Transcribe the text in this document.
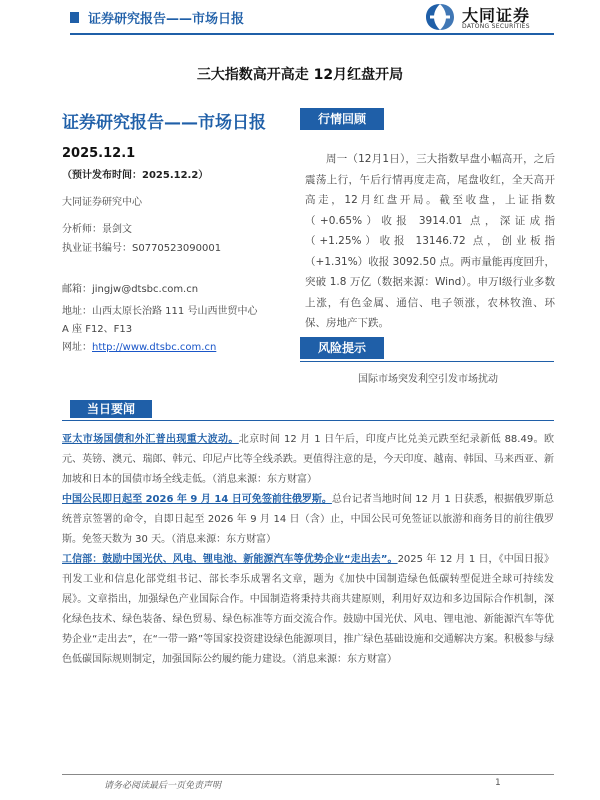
证券研究报告——市场日报	大同证券
DATONG SECURITIES
三大指数高开高走 12月红盘开局
证券研究报告——市场日报
2025.12.1
（预计发布时间：2025.12.2）
大同证券研究中心
分析师：景剑文
执业证书编号：S0770523090001
邮箱：jingjw@dtsbc.com.cn
地址：山西太原长治路 111 号山西世贸中心
A 座 F12、F13
网址：http://www.dtsbc.com.cn
行情回顾
周一（12月1日），三大指数早盘小幅高开，之后震荡上行，午后行情再度走高，尾盘收红，全天高开高走，12月红盘开局。截至收盘，上证指数（+0.65%）收报 3914.01 点，深证成指（+1.25%）收报 13146.72 点，创业板指（+1.31%）收报 3092.50 点。两市量能再度回升，突破 1.8 万亿（数据来源：Wind）。申万Ⅰ级行业多数上涨，有色金属、通信、电子领涨，农林牧渔、环保、房地产下跌。
风险提示
国际市场突发利空引发市场扰动
当日要闻

亚太市场国债和外汇普出现重大波动。北京时间 12 月 1 日午后，印度卢比兑美元跌至纪录新低 88.49。欧元、英镑、澳元、瑞郎、韩元、印尼卢比等全线杀跌。更值得注意的是，今天印度、越南、韩国、马来西亚、新加坡和日本的国债市场全线走低。（消息来源：东方财富）

中国公民即日起至 2026 年 9 月 14 日可免签前往俄罗斯。总台记者当地时间 12 月 1 日获悉，根据俄罗斯总统普京签署的命令，自即日起至 2026 年 9 月 14 日（含）止，中国公民可免签证以旅游和商务目的前往俄罗斯。免签天数为 30 天。（消息来源：东方财富）

工信部：鼓励中国光伏、风电、锂电池、新能源汽车等优势企业“走出去”。2025 年 12 月 1 日，《中国日报》刊发工业和信息化部党组书记、部长李乐成署名文章，题为《加快中国制造绿色低碳转型促进全球可持续发展》。文章指出，加强绿色产业国际合作。中国制造将秉持共商共建原则，利用好双边和多边国际合作机制，深化绿色技术、绿色装备、绿色贸易、绿色标准等方面交流合作。鼓励中国光伏、风电、锂电池、新能源汽车等优势企业“走出去”，在“一带一路”等国家投资建设绿色能源项目，推广绿色基础设施和交通解决方案。积极参与绿色低碳国际规则制定，加强国际公约履约能力建设。（消息来源：东方财富）

请务必阅读最后一页免责声明	1
